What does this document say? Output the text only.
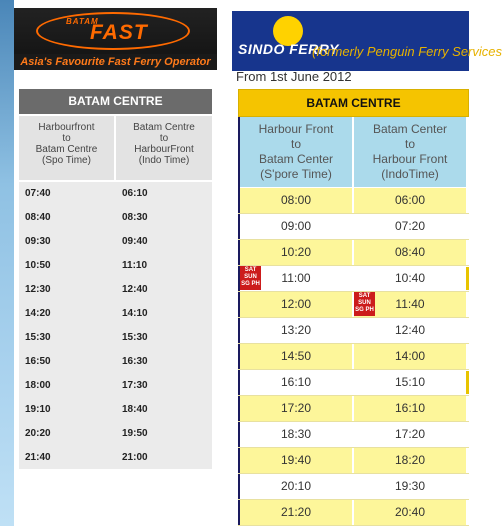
BATAM
FAST
Asia's Favourite Fast Ferry Operator
BATAM CENTRE
Harbourfront
to
Batam Centre
(Spo Time)
Batam Centre
to
HarbourFront
(Indo Time)
07:40	06:10
08:40	08:30
09:30	09:40
10:50	11:10
12:30	12:40
14:20	14:10
15:30	15:30
16:50	16:30
18:00	17:30
19:10	18:40
20:20	19:50
21:40	21:00
SINDO FERRY
(formerly Penguin Ferry Services
From 1st June 2012
BATAM CENTRE
Harbour Front
to
Batam Center
(S'pore Time)
Batam Center
to
Harbour Front
(IndoTime)
08:00	06:00
09:00	07:20
10:20	08:40
11:00	10:40
12:00	11:40
13:20	12:40
14:50	14:00
16:10	15:10
17:20	16:10
18:30	17:20
19:40	18:20
20:10	19:30
21:20	20:40
SAT
SUN
SG PH
SAT
SUN
SG PH
